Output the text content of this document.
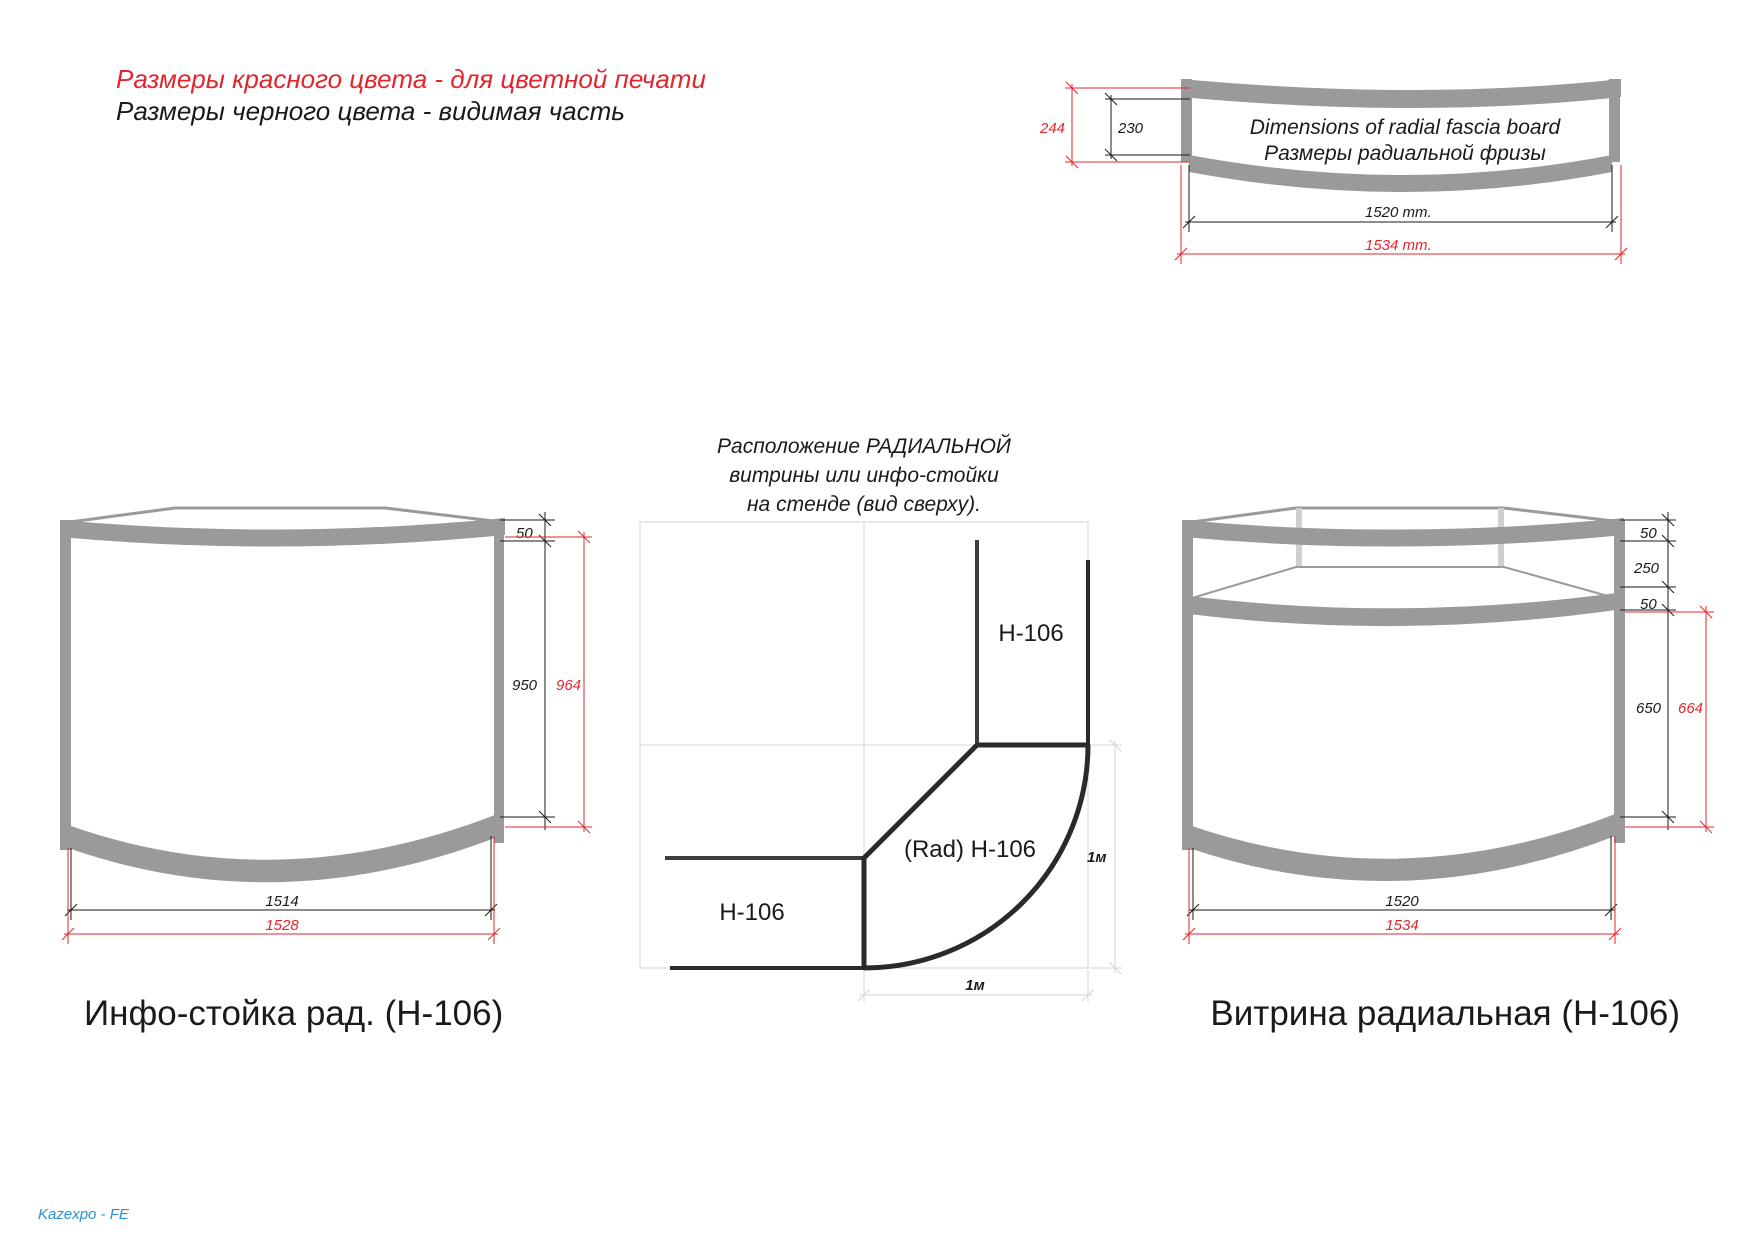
Размеры красного цвета - для цветной печати
Размеры черного цвета - видимая часть
244	230
1520 mm.
1534 mm.
Dimensions of radial fascia board
Размеры радиальной фризы
50
950 964
1514
1528
Инфо-стойка рад. (Н-106)
Расположение РАДИАЛЬНОЙ
витрины или инфо-стойки
на стенде (вид сверху).
Н-106
(Rad) Н-106
Н-106
1м
1м
50
250
50
650 664
1520
1534
Витрина радиальная (Н-106)
Kazexpo - FE
